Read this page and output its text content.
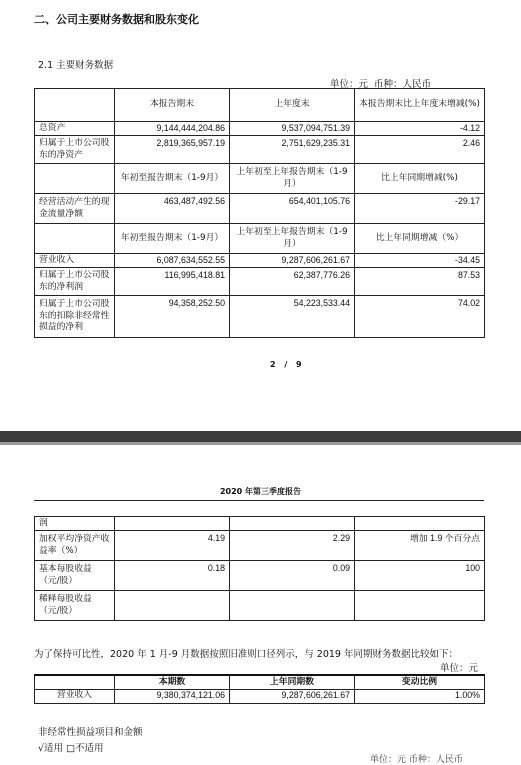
二、公司主要财务数据和股东变化
2.1 主要财务数据
单位：元  币种：人民币
	本报告期末	上年度末	本报告期末比上年度末增减(%)
总资产	9,144,444,204.86	9,537,094,751.39	-4.12
归属于上市公司股东的净资产	2,819,365,957.19	2,751,629,235.31	2.46
	年初至报告期末（1-9月）	上年初至上年报告期末（1-9月）	比上年同期增减(%)
经营活动产生的现金流量净额	463,487,492.56	654,401,105.76	-29.17
	年初至报告期末（1-9月）	上年初至上年报告期末（1-9月）	比上年同期增减（%）
营业收入	6,087,634,552.55	9,287,606,261.67	-34.45
归属于上市公司股东的净利润	116,995,418.81	62,387,776.26	87.53
归属于上市公司股东的扣除非经常性损益的净利	94,358,252.50	54,223,533.44	74.02
2 / 9
2020 年第三季度报告
润			
加权平均净资产收益率（%）	4.19	2.29	增加 1.9 个百分点
基本每股收益（元/股）	0.18	0.09	100
稀释每股收益（元/股）			
为了保持可比性，2020 年 1 月-9 月数据按照旧准则口径列示，与 2019 年同期财务数据比较如下：
单位：元
	本期数	上年同期数	变动比例
营业收入	9,380,374,121.06	9,287,606,261.67	1.00%
非经常性损益项目和金额
√适用 □不适用
单位：元 币种：人民币
